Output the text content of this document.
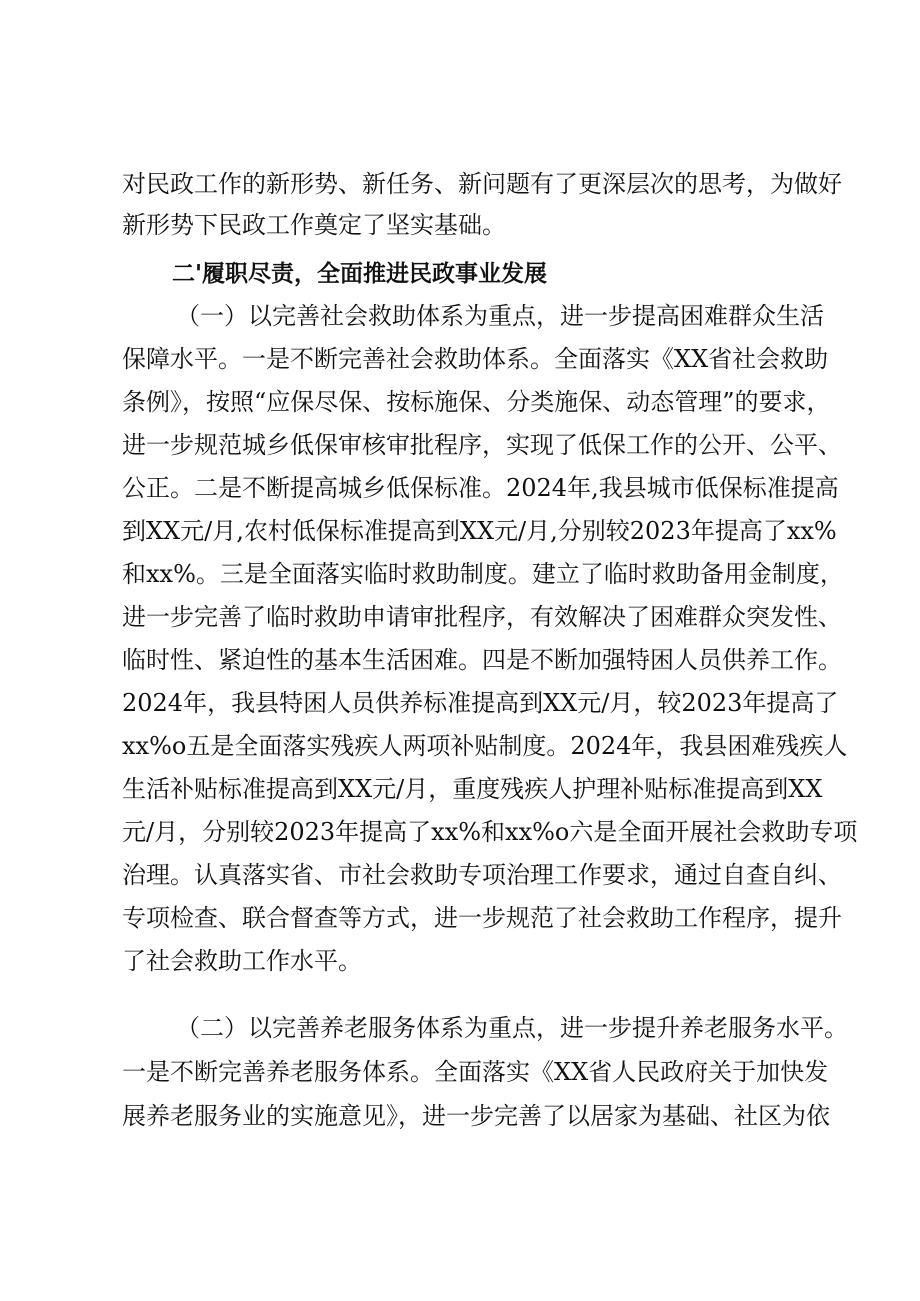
对民政工作的新形势、新任务、新问题有了更深层次的思考，为做好
新形势下民政工作奠定了坚实基础。
二'履职尽责，全面推进民政事业发展
（一）以完善社会救助体系为重点，进一步提高困难群众生活
保障水平。一是不断完善社会救助体系。全面落实《XX省社会救助
条例》，按照“应保尽保、按标施保、分类施保、动态管理”的要求，
进一步规范城乡低保审核审批程序，实现了低保工作的公开、公平、
公正。二是不断提高城乡低保标准。2024年,我县城市低保标准提高
到XX元/月,农村低保标准提高到XX元/月,分别较2023年提高了xx%
和xx%。三是全面落实临时救助制度。建立了临时救助备用金制度，
进一步完善了临时救助申请审批程序，有效解决了困难群众突发性、
临时性、紧迫性的基本生活困难。四是不断加强特困人员供养工作。
2024年，我县特困人员供养标准提高到XX元/月，较2023年提高了
xx%o五是全面落实残疾人两项补贴制度。2024年，我县困难残疾人
生活补贴标准提高到XX元/月，重度残疾人护理补贴标准提高到XX
元/月，分别较2023年提高了xx%和xx%o六是全面开展社会救助专项
治理。认真落实省、市社会救助专项治理工作要求，通过自查自纠、
专项检查、联合督查等方式，进一步规范了社会救助工作程序，提升
了社会救助工作水平。
（二）以完善养老服务体系为重点，进一步提升养老服务水平。
一是不断完善养老服务体系。全面落实《XX省人民政府关于加快发
展养老服务业的实施意见》，进一步完善了以居家为基础、社区为依
